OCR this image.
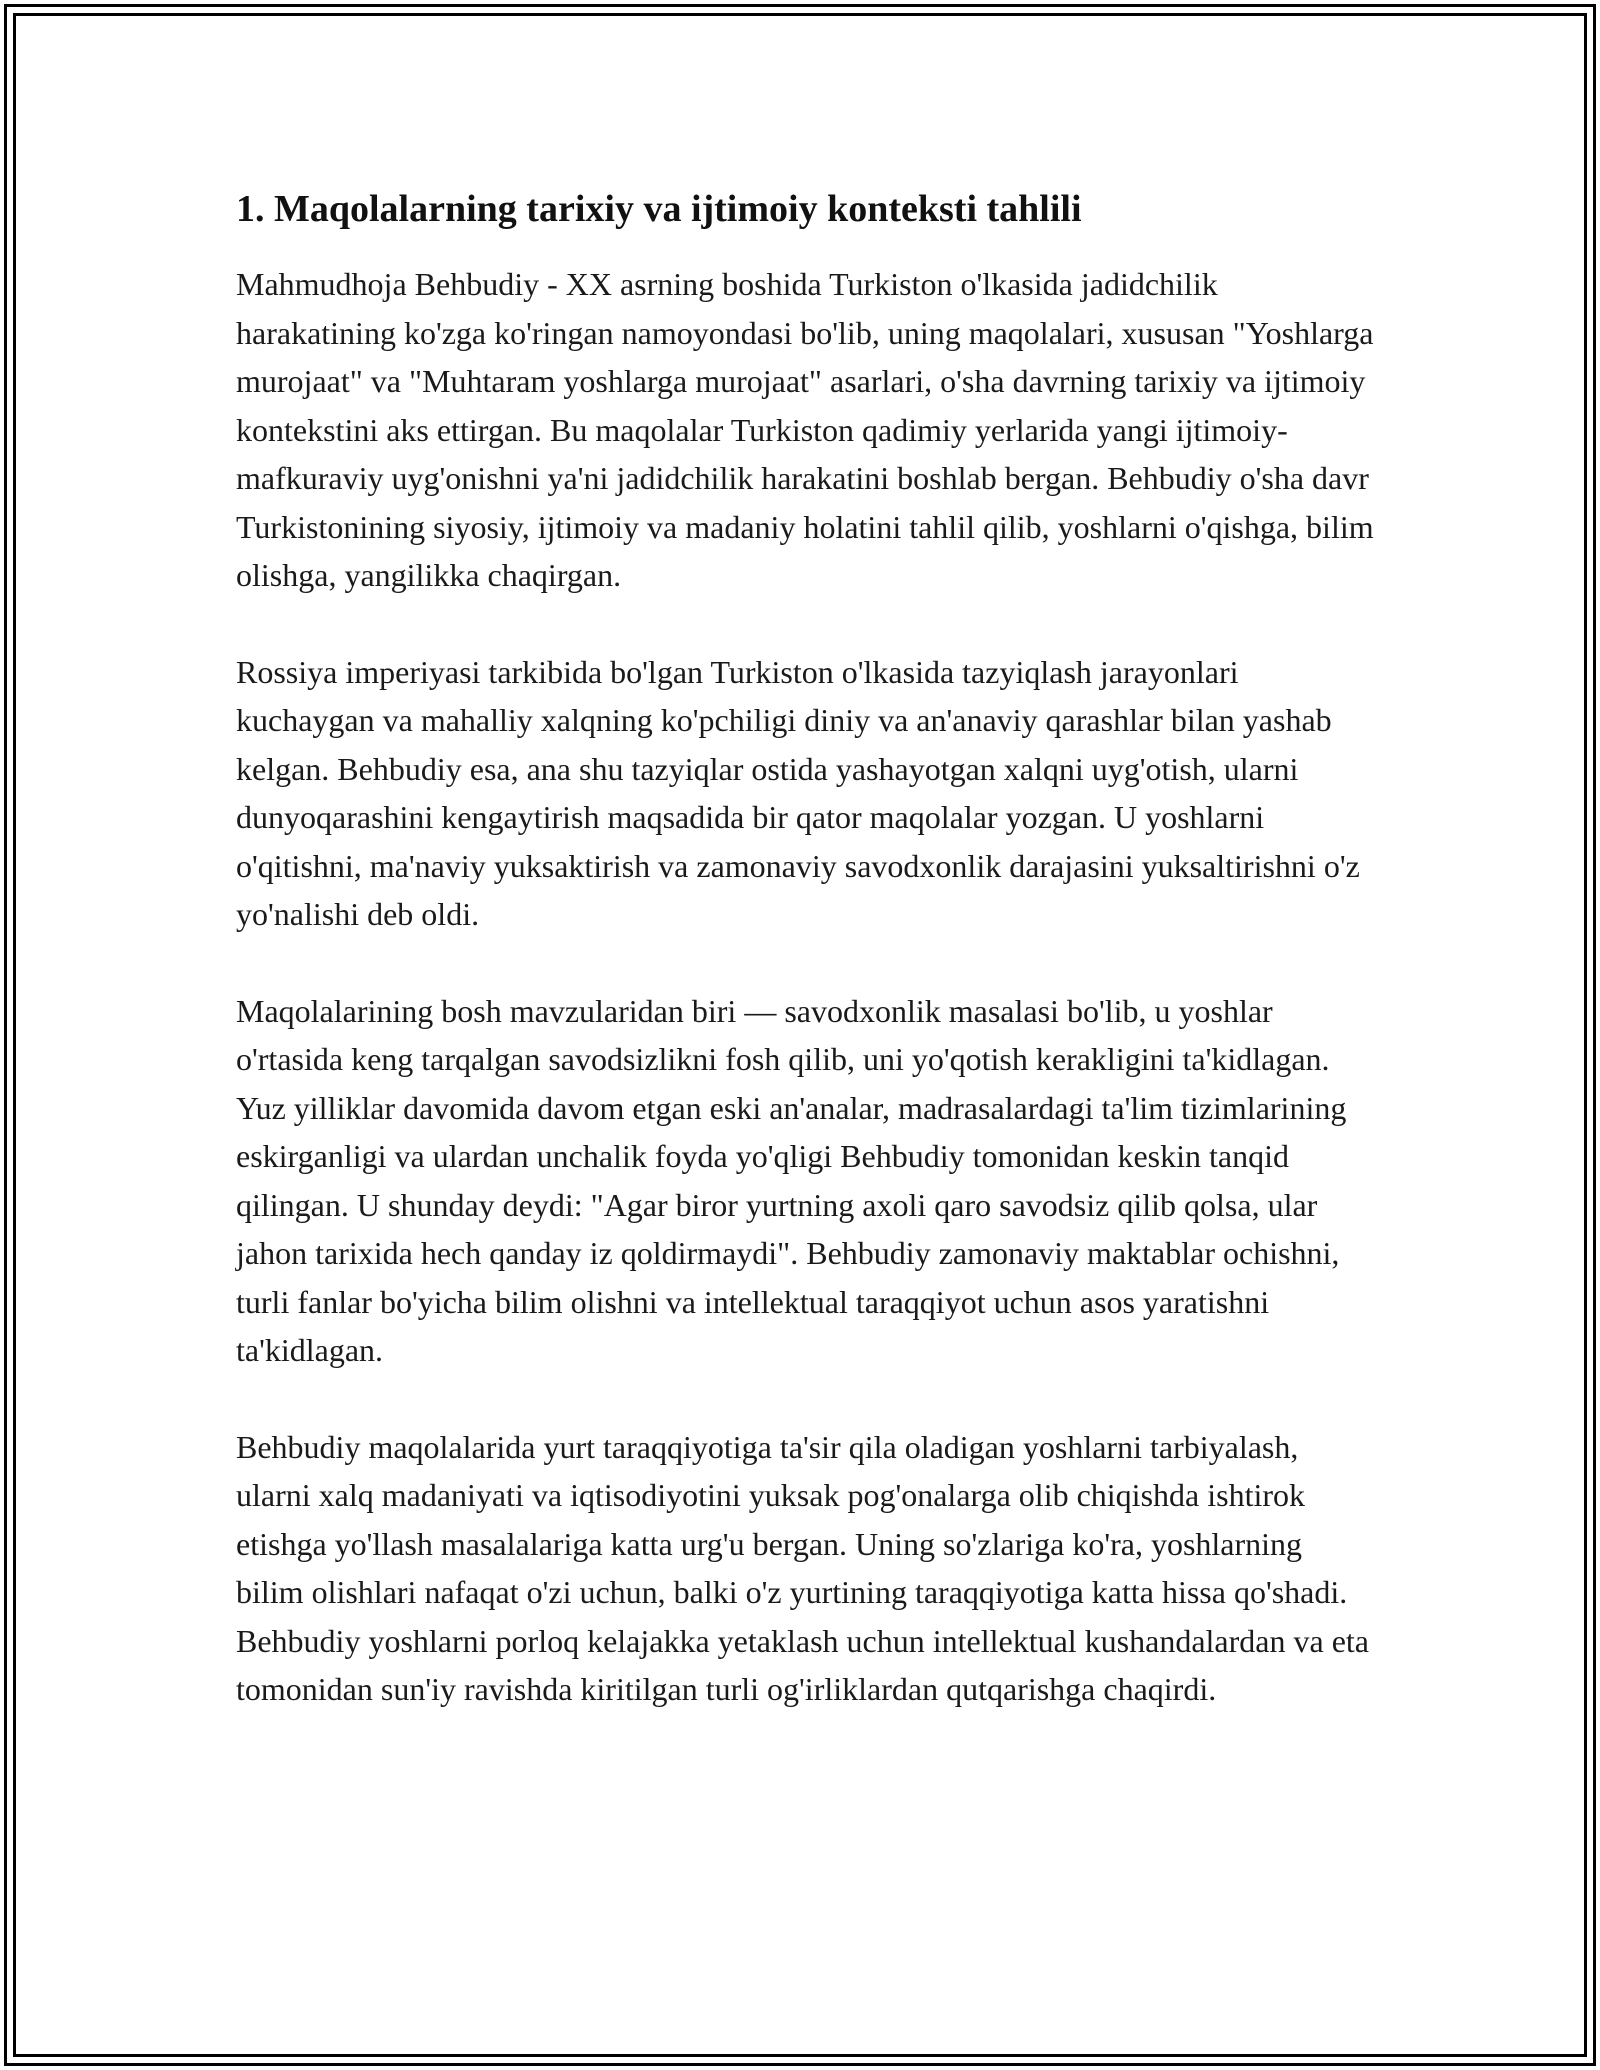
1. Maqolalarning tarixiy va ijtimoiy konteksti tahlili

Mahmudhoja Behbudiy - XX asrning boshida Turkiston o'lkasida jadidchilik harakatining ko'zga ko'ringan namoyondasi bo'lib, uning maqolalari, xususan "Yoshlarga murojaat" va "Muhtaram yoshlarga murojaat" asarlari, o'sha davrning tarixiy va ijtimoiy kontekstini aks ettirgan. Bu maqolalar Turkiston qadimiy yerlarida yangi ijtimoiy-mafkuraviy uyg'onishni ya'ni jadidchilik harakatini boshlab bergan. Behbudiy o'sha davr Turkistonining siyosiy, ijtimoiy va madaniy holatini tahlil qilib, yoshlarni o'qishga, bilim olishga, yangilikka chaqirgan.

Rossiya imperiyasi tarkibida bo'lgan Turkiston o'lkasida tazyiqlash jarayonlari kuchaygan va mahalliy xalqning ko'pchiligi diniy va an'anaviy qarashlar bilan yashab kelgan. Behbudiy esa, ana shu tazyiqlar ostida yashayotgan xalqni uyg'otish, ularni dunyoqarashini kengaytirish maqsadida bir qator maqolalar yozgan. U yoshlarni o'qitishni, ma'naviy yuksaktirish va zamonaviy savodxonlik darajasini yuksaltirishni o'z yo'nalishi deb oldi.

Maqolalarining bosh mavzularidan biri — savodxonlik masalasi bo'lib, u yoshlar o'rtasida keng tarqalgan savodsizlikni fosh qilib, uni yo'qotish kerakligini ta'kidlagan. Yuz yilliklar davomida davom etgan eski an'analar, madrasalardagi ta'lim tizimlarining eskirganligi va ulardan unchalik foyda yo'qligi Behbudiy tomonidan keskin tanqid qilingan. U shunday deydi: "Agar biror yurtning axoli qaro savodsiz qilib qolsa, ular jahon tarixida hech qanday iz qoldirmaydi". Behbudiy zamonaviy maktablar ochishni, turli fanlar bo'yicha bilim olishni va intellektual taraqqiyot uchun asos yaratishni ta'kidlagan.

Behbudiy maqolalarida yurt taraqqiyotiga ta'sir qila oladigan yoshlarni tarbiyalash, ularni xalq madaniyati va iqtisodiyotini yuksak pog'onalarga olib chiqishda ishtirok etishga yo'llash masalalariga katta urg'u bergan. Uning so'zlariga ko'ra, yoshlarning bilim olishlari nafaqat o'zi uchun, balki o'z yurtining taraqqiyotiga katta hissa qo'shadi. Behbudiy yoshlarni porloq kelajakka yetaklash uchun intellektual kushandalardan va eta tomonidan sun'iy ravishda kiritilgan turli og'irliklardan qutqarishga chaqirdi.
